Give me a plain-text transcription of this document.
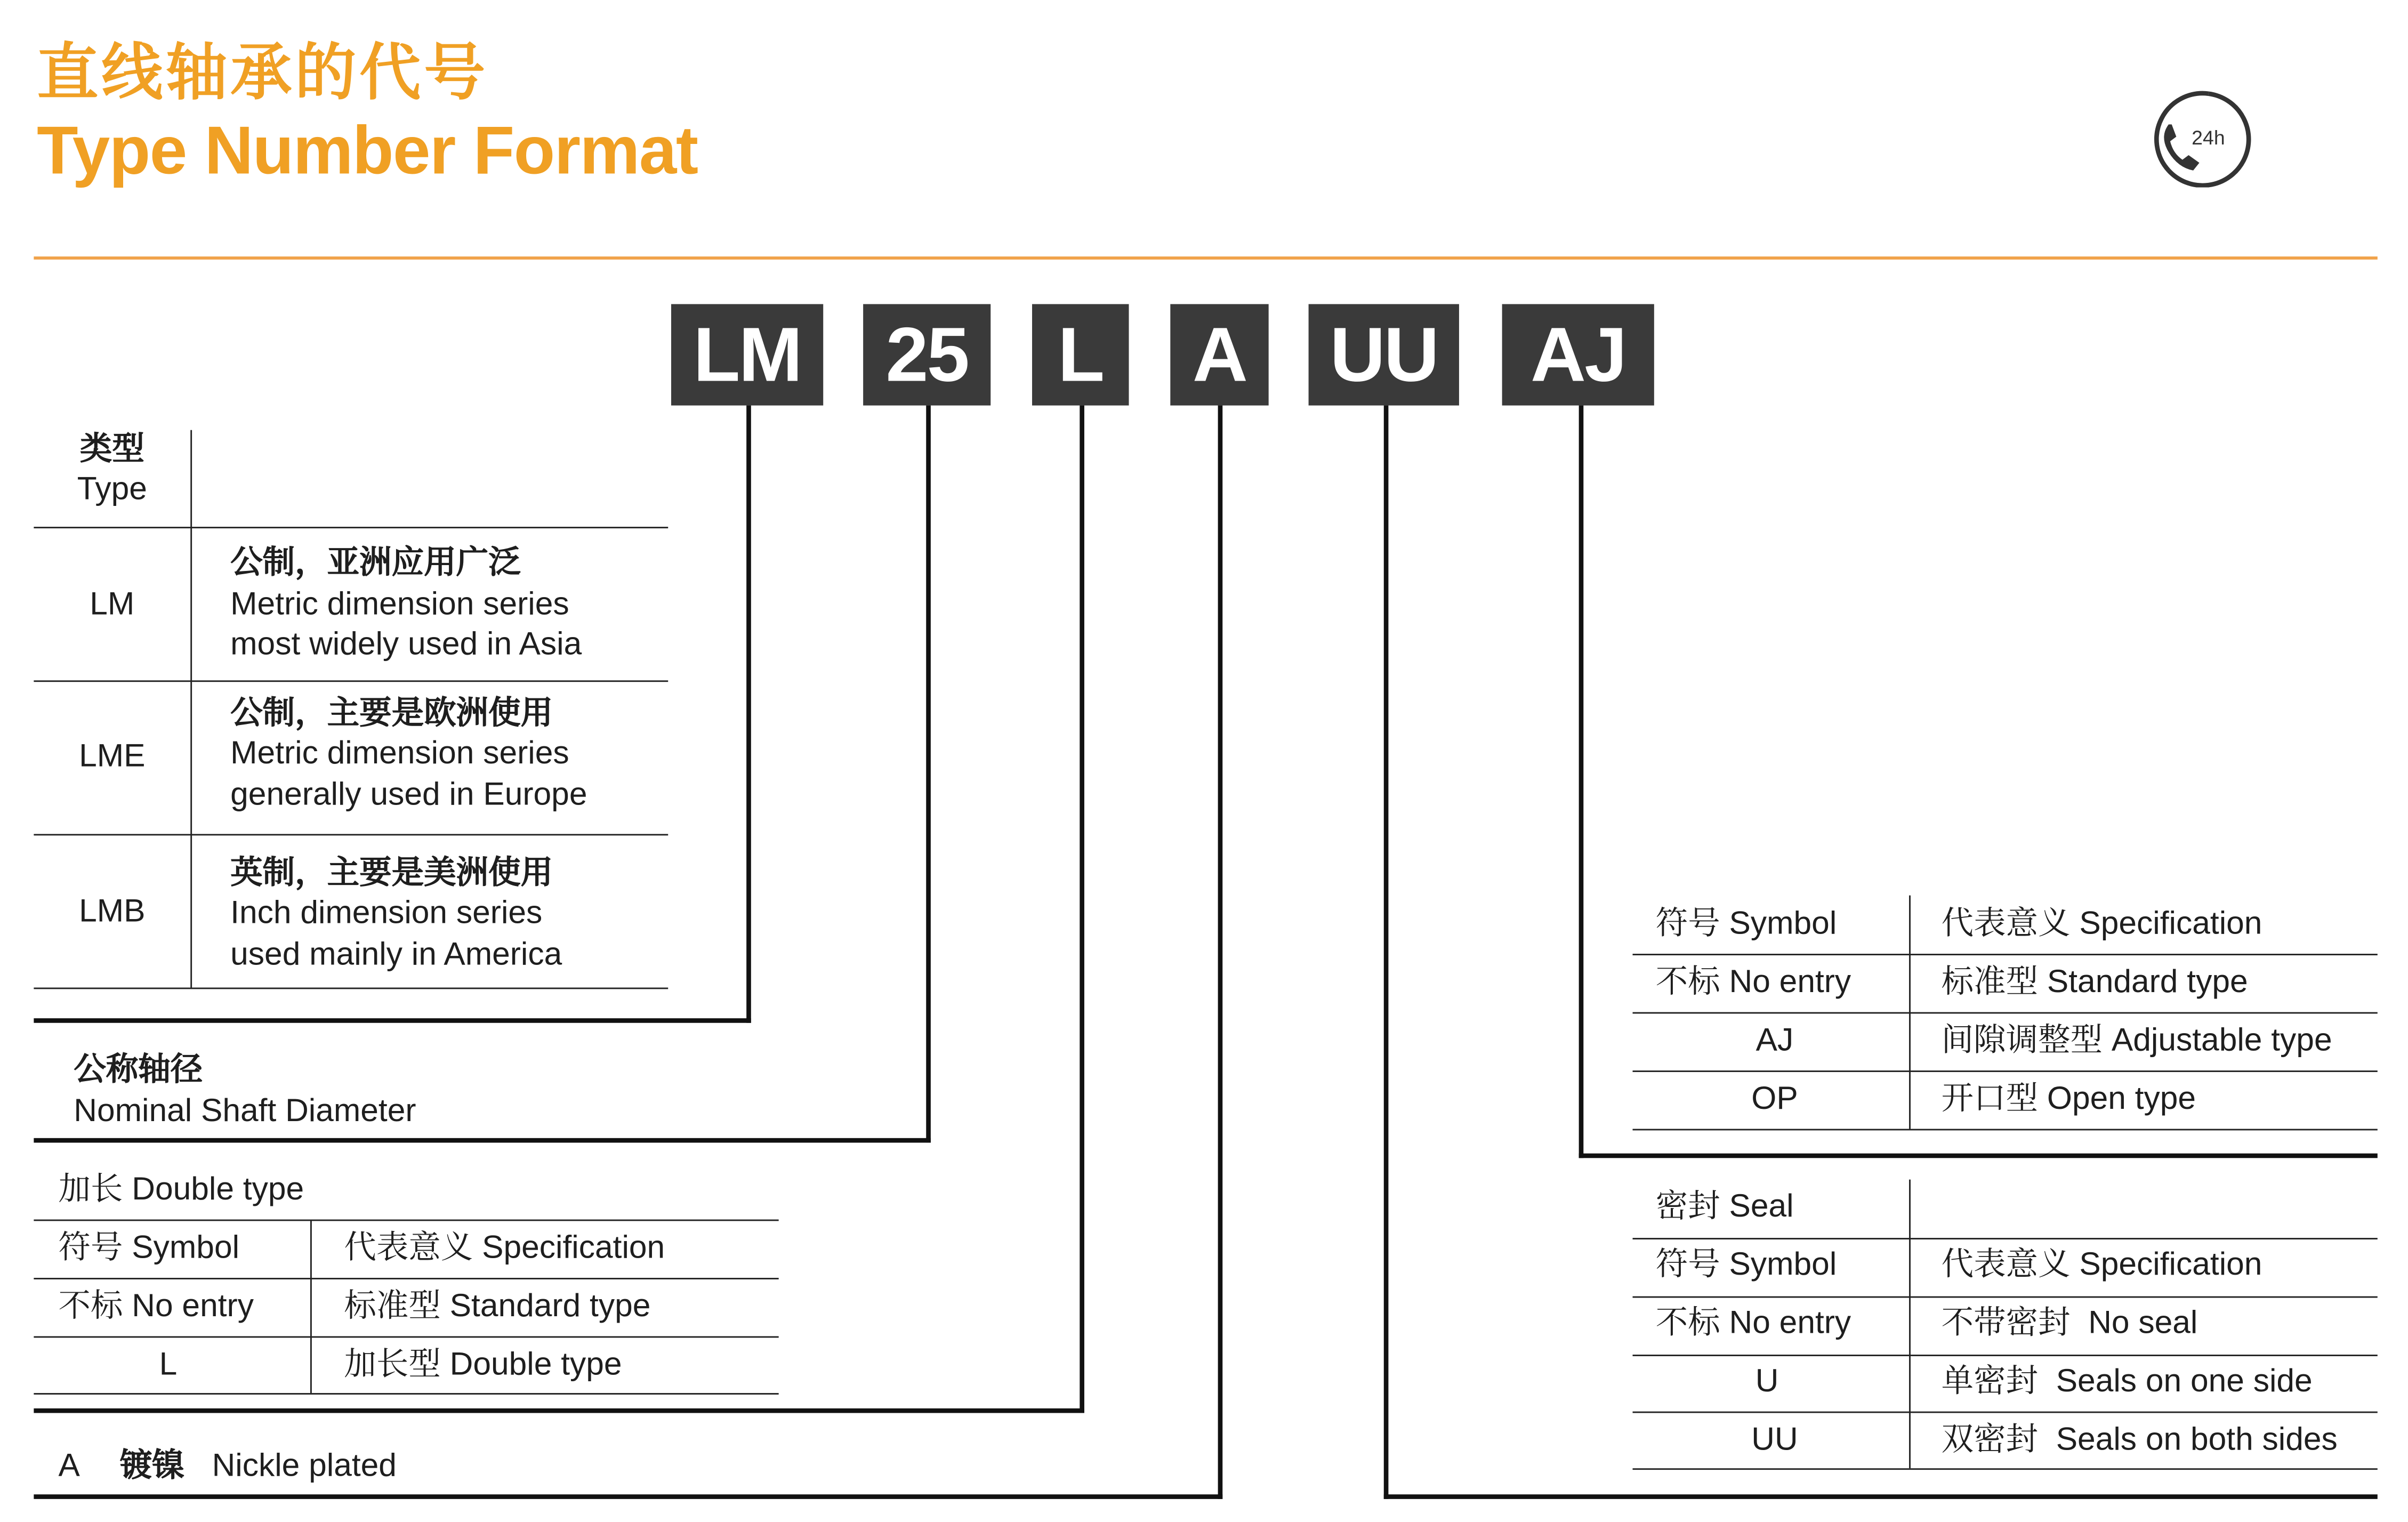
直线轴承的代号
Type Number Format	24h
LM	25	L	A	UU	AJ
类型
Type
LM
公制，亚洲应用广泛
Metric dimension series
most widely used in Asia
LME
公制，主要是欧洲使用
Metric dimension series
generally used in Europe
LMB
英制，主要是美洲使用
Inch dimension series
used mainly in America
公称轴径
Nominal Shaft Diameter
加长 Double type
符号 Symbol	代表意义 Specification
不标 No entry	标准型 Standard type
L	加长型 Double type
A	镀镍 Nickle plated
符号 Symbol	代表意义 Specification
不标 No entry	标准型 Standard type
AJ	间隙调整型 Adjustable type
OP	开口型 Open type
密封 Seal
符号 Symbol	代表意义 Specification
不标 No entry	不带密封  No seal
U	单密封  Seals on one side
UU	双密封  Seals on both sides
